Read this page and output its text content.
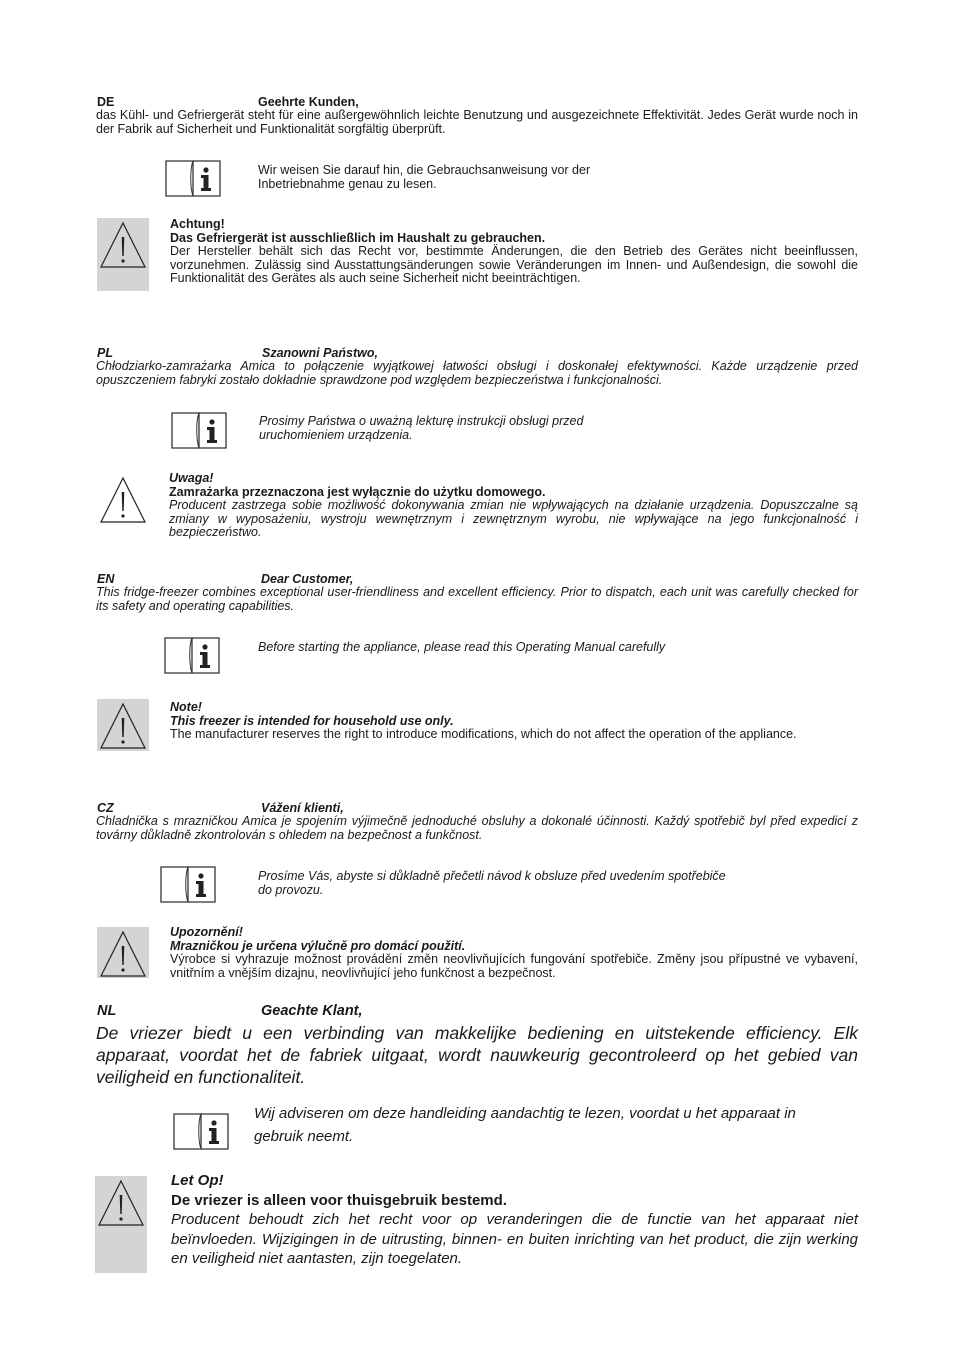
DE	Geehrte Kunden,
das Kühl- und Gefriergerät steht für eine außergewöhnlich leichte Benutzung und ausgezeichnete Effektivität. Jedes Gerät wurde noch in der Fabrik auf Sicherheit und Funktionalität sorgfältig überprüft.
Wir weisen Sie darauf hin, die Gebrauchsanweisung vor der Inbetriebnahme genau zu lesen.
Achtung!
Das Gefriergerät ist ausschließlich im Haushalt zu gebrauchen.
Der Hersteller behält sich das Recht vor, bestimmte Änderungen, die den Betrieb des Gerätes nicht beeinflussen, vorzunehmen. Zulässig sind Ausstattungsänderungen sowie Veränderungen im Innen- und Außendesign, die sowohl die Funktionalität des Gerätes als auch seine Sicherheit nicht beeinträchtigen.
PL	Szanowni Państwo,
Chłodziarko-zamrażarka Amica to połączenie wyjątkowej łatwości obsługi i doskonałej efektywności. Każde urządzenie przed opuszczeniem fabryki zostało dokładnie sprawdzone pod względem bezpieczeństwa i funkcjonalności.
Prosimy Państwa o uważną lekturę instrukcji obsługi przed uruchomieniem urządzenia.
Uwaga!
Zamrażarka przeznaczona jest wyłącznie do użytku domowego.
Producent zastrzega sobie możliwość dokonywania zmian nie wpływających na działanie urządzenia. Dopuszczalne są zmiany w wyposażeniu, wystroju wewnętrznym i zewnętrznym wyrobu, nie wpływające na jego funkcjonalność i bezpieczeństwo.
EN	Dear Customer,
This fridge-freezer combines exceptional user-friendliness and excellent efficiency. Prior to dispatch, each unit was carefully checked for its safety and operating capabilities.
Before starting the appliance, please read this Operating Manual carefully
Note!
This freezer is intended for household use only.
The manufacturer reserves the right to introduce modifications, which do not affect the operation of the appliance.
CZ	Vážení klienti,
Chladnička s mrazničkou Amica je spojením výjimečně jednoduché obsluhy a dokonalé účinnosti. Každý spotřebič byl před expedicí z továrny důkladně zkontrolován s ohledem na bezpečnost a funkčnost.
Prosíme Vás, abyste si důkladně přečetli návod k obsluze před uvedením spotřebiče do provozu.
Upozornění!
Mrazničkou je určena výlučně pro domácí použití.
Výrobce si vyhrazuje možnost provádění změn neovlivňujících fungování spotřebiče. Změny jsou přípustné ve vybavení, vnitřním a vnějším dizajnu, neovlivňující jeho funkčnost a bezpečnost.
NL	Geachte Klant,
De vriezer biedt u een verbinding van makkelijke bediening en uitstekende efficiency. Elk apparaat, voordat het de fabriek uitgaat, wordt nauwkeurig gecontroleerd op het gebied van veiligheid en functionaliteit.
Wij adviseren om deze handleiding aandachtig te lezen, voordat u het apparaat in gebruik neemt.
Let Op!
De vriezer is alleen voor thuisgebruik bestemd.
Producent behoudt zich het recht voor op veranderingen die de functie van het apparaat niet beïnvloeden. Wijzigingen in de uitrusting, binnen- en buiten inrichting van het product, die zijn werking en veiligheid niet aantasten, zijn toegelaten.
